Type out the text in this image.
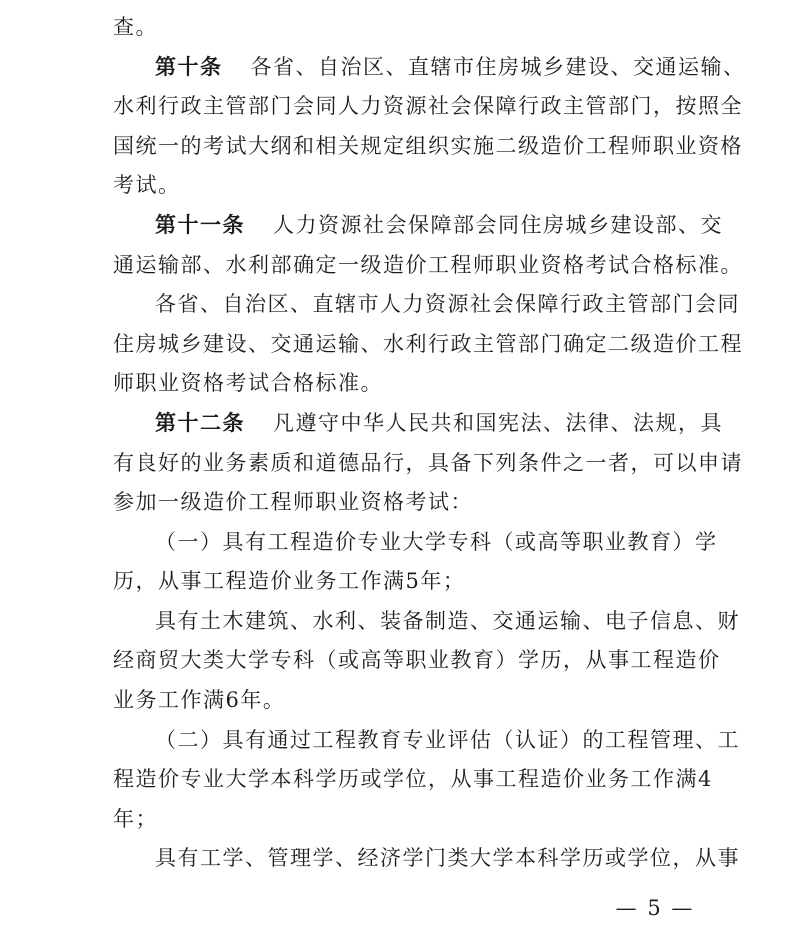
查。
第十条 各省、自治区、直辖市住房城乡建设、交通运输、
水利行政主管部门会同人力资源社会保障行政主管部门，按照全
国统一的考试大纲和相关规定组织实施二级造价工程师职业资格
考试。
第十一条 人力资源社会保障部会同住房城乡建设部、交
通运输部、水利部确定一级造价工程师职业资格考试合格标准。
各省、自治区、直辖市人力资源社会保障行政主管部门会同
住房城乡建设、交通运输、水利行政主管部门确定二级造价工程
师职业资格考试合格标准。
第十二条 凡遵守中华人民共和国宪法、法律、法规，具
有良好的业务素质和道德品行，具备下列条件之一者，可以申请
参加一级造价工程师职业资格考试：
（一）具有工程造价专业大学专科（或高等职业教育）学
历，从事工程造价业务工作满5年；
具有土木建筑、水利、装备制造、交通运输、电子信息、财
经商贸大类大学专科（或高等职业教育）学历，从事工程造价
业务工作满6年。
（二）具有通过工程教育专业评估（认证）的工程管理、工
程造价专业大学本科学历或学位，从事工程造价业务工作满4
年；
具有工学、管理学、经济学门类大学本科学历或学位，从事
— 5 —
